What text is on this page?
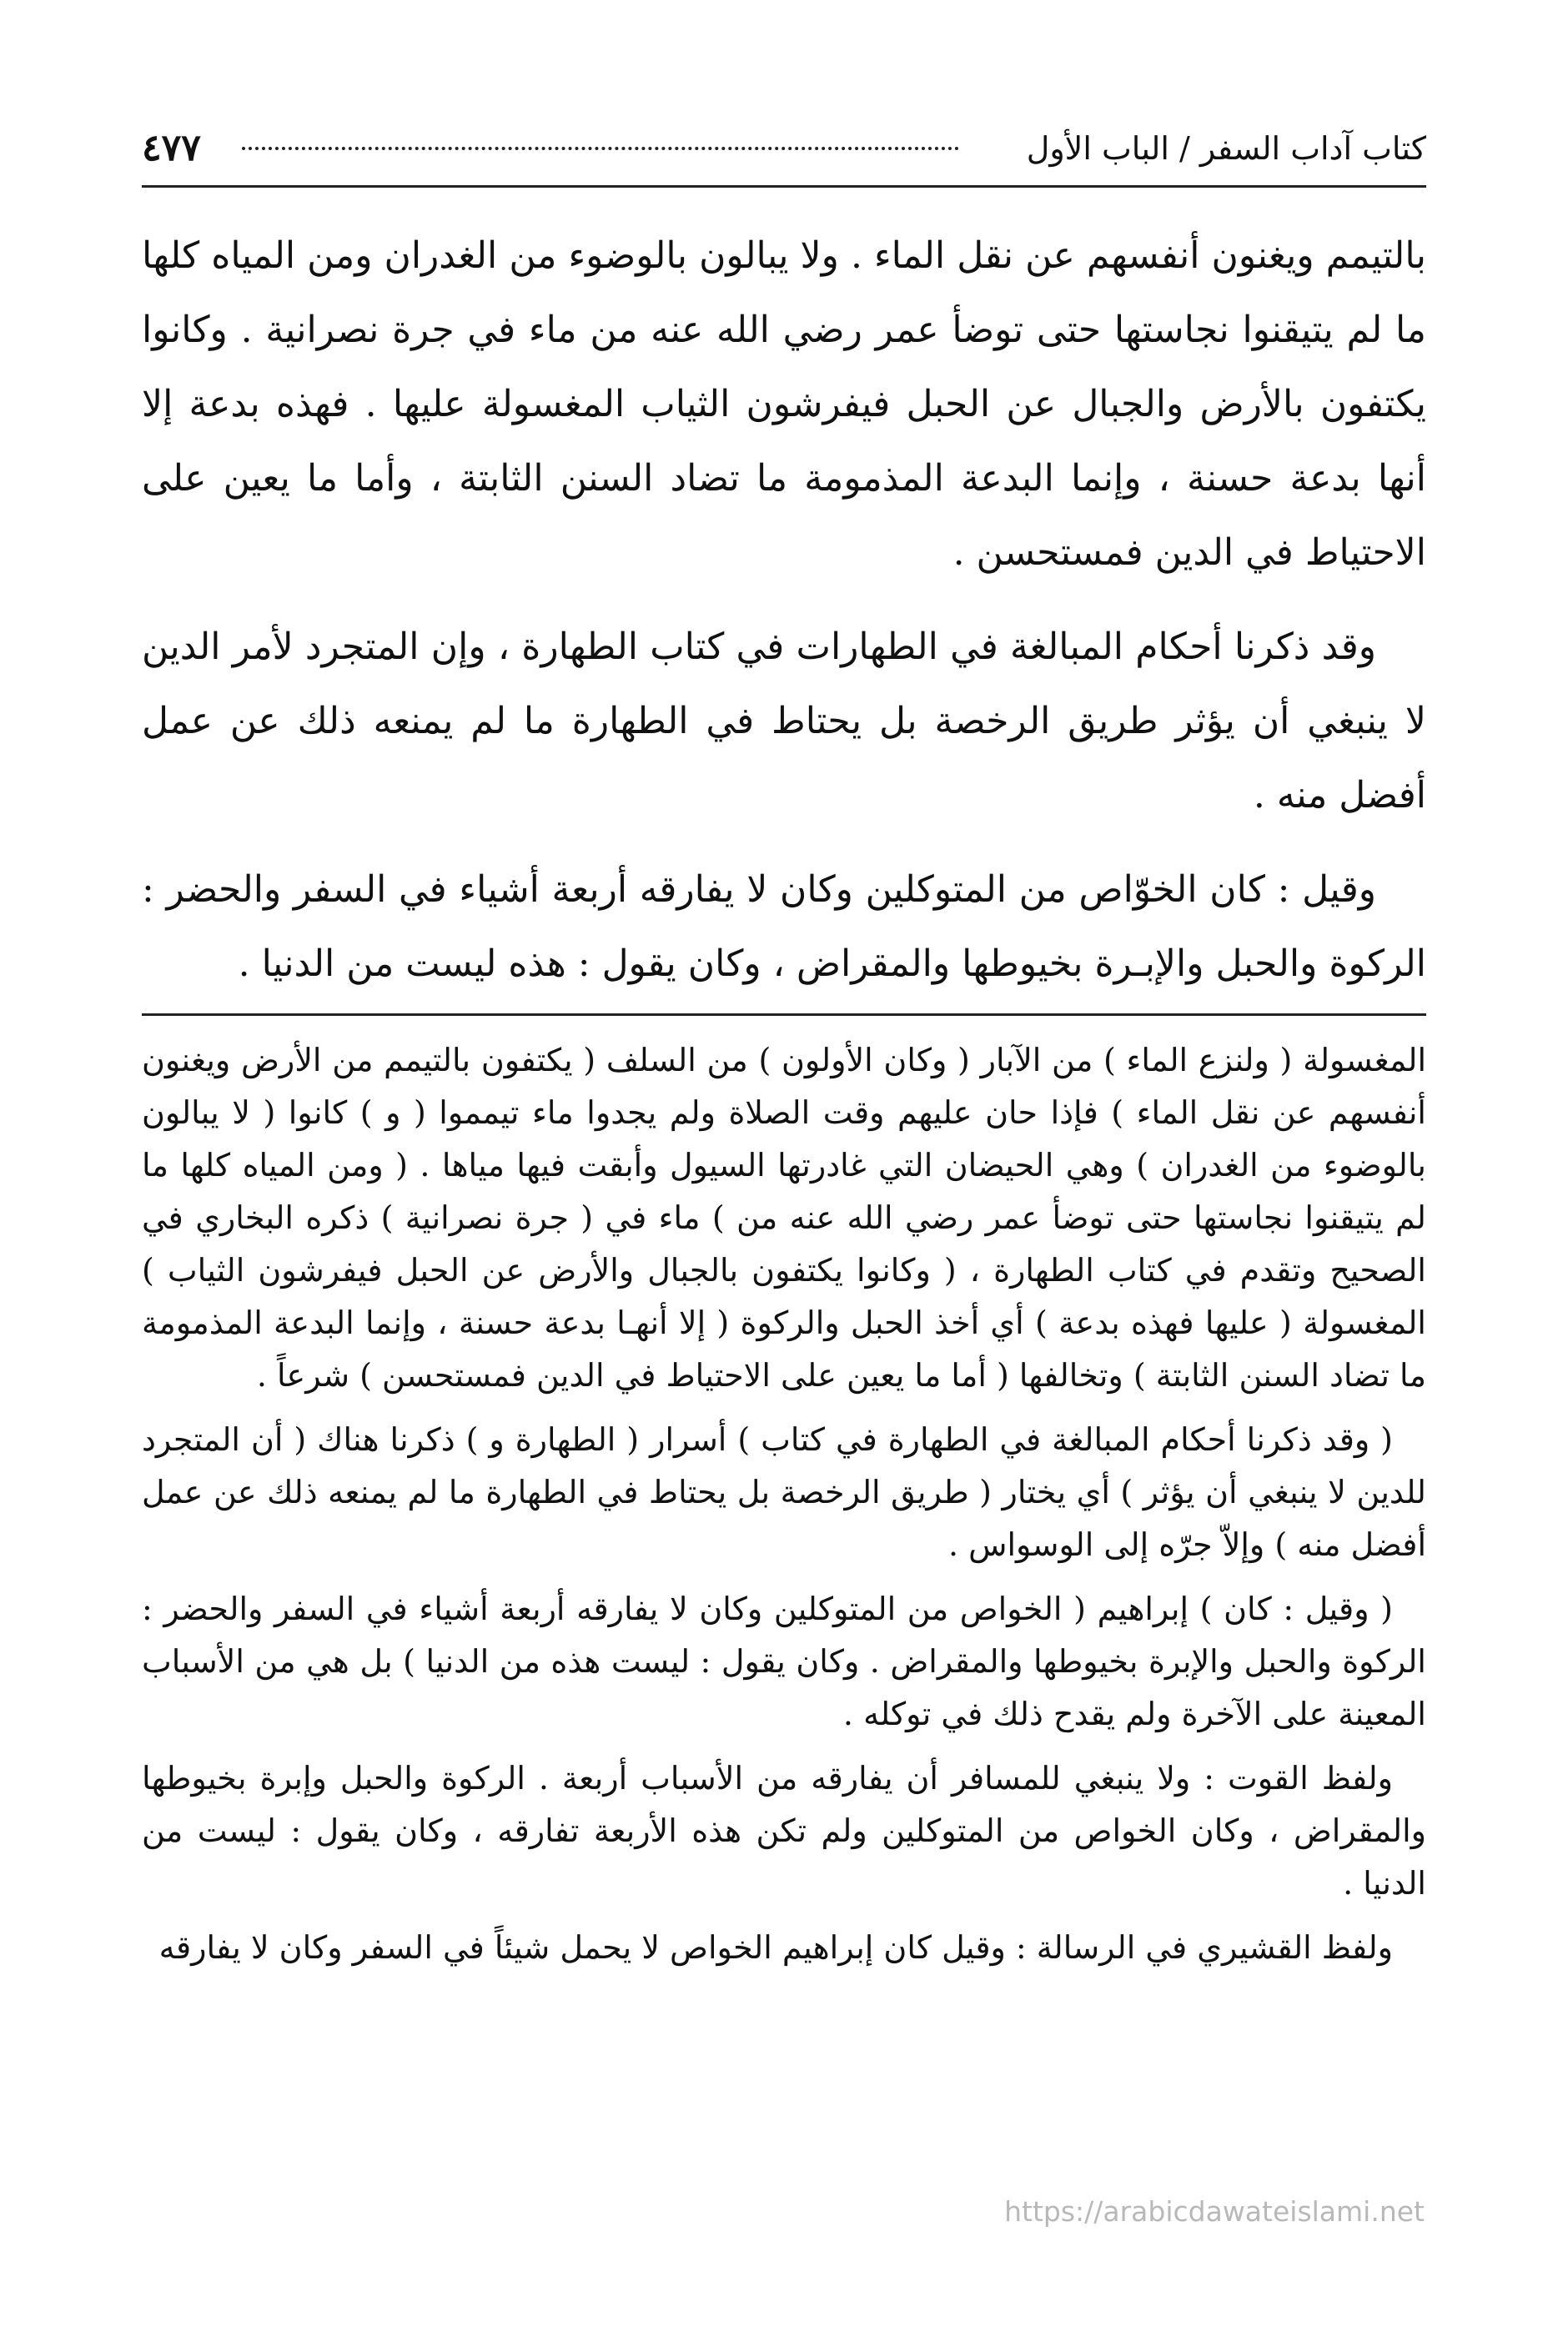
كتاب آداب السفر / الباب الأول
٤٧٧

بالتيمم ويغنون أنفسهم عن نقل الماء . ولا يبالون بالوضوء من الغدران ومن المياه كلها ما لم يتيقنوا نجاستها حتى توضأ عمر رضي الله عنه من ماء في جرة نصرانية . وكانوا يكتفون بالأرض والجبال عن الحبل فيفرشون الثياب المغسولة عليها . فهذه بدعة إلا أنها بدعة حسنة ، وإنما البدعة المذمومة ما تضاد السنن الثابتة ، وأما ما يعين على الاحتياط في الدين فمستحسن .

وقد ذكرنا أحكام المبالغة في الطهارات في كتاب الطهارة ، وإن المتجرد لأمر الدين لا ينبغي أن يؤثر طريق الرخصة بل يحتاط في الطهارة ما لم يمنعه ذلك عن عمل أفضل منه .

وقيل : كان الخوّاص من المتوكلين وكان لا يفارقه أربعة أشياء في السفر والحضر : الركوة والحبل والإبـرة بخيوطها والمقراض ، وكان يقول : هذه ليست من الدنيا .

المغسولة ( ولنزع الماء ) من الآبار ( وكان الأولون ) من السلف ( يكتفون بالتيمم من الأرض ويغنون أنفسهم عن نقل الماء ) فإذا حان عليهم وقت الصلاة ولم يجدوا ماء تيمموا ( و ) كانوا ( لا يبالون بالوضوء من الغدران ) وهي الحيضان التي غادرتها السيول وأبقت فيها مياها . ( ومن المياه كلها ما لم يتيقنوا نجاستها حتى توضأ عمر رضي الله عنه من ) ماء في ( جرة نصرانية ) ذكره البخاري في الصحيح وتقدم في كتاب الطهارة ، ( وكانوا يكتفون بالجبال والأرض عن الحبل فيفرشون الثياب ) المغسولة ( عليها فهذه بدعة ) أي أخذ الحبل والركوة ( إلا أنهـا بدعة حسنة ، وإنما البدعة المذمومة ما تضاد السنن الثابتة ) وتخالفها ( أما ما يعين على الاحتياط في الدين فمستحسن ) شرعاً .

( وقد ذكرنا أحكام المبالغة في الطهارة في كتاب ) أسرار ( الطهارة و ) ذكرنا هناك ( أن المتجرد للدين لا ينبغي أن يؤثر ) أي يختار ( طريق الرخصة بل يحتاط في الطهارة ما لم يمنعه ذلك عن عمل أفضل منه ) وإلاّ جرّه إلى الوسواس .

( وقيل : كان ) إبراهيم ( الخواص من المتوكلين وكان لا يفارقه أربعة أشياء في السفر والحضر : الركوة والحبل والإبرة بخيوطها والمقراض . وكان يقول : ليست هذه من الدنيا ) بل هي من الأسباب المعينة على الآخرة ولم يقدح ذلك في توكله .

ولفظ القوت : ولا ينبغي للمسافر أن يفارقه من الأسباب أربعة . الركوة والحبل وإبرة بخيوطها والمقراض ، وكان الخواص من المتوكلين ولم تكن هذه الأربعة تفارقه ، وكان يقول : ليست من الدنيا .

ولفظ القشيري في الرسالة : وقيل كان إبراهيم الخواص لا يحمل شيئاً في السفر وكان لا يفارقه

https://arabicdawateislami.net
